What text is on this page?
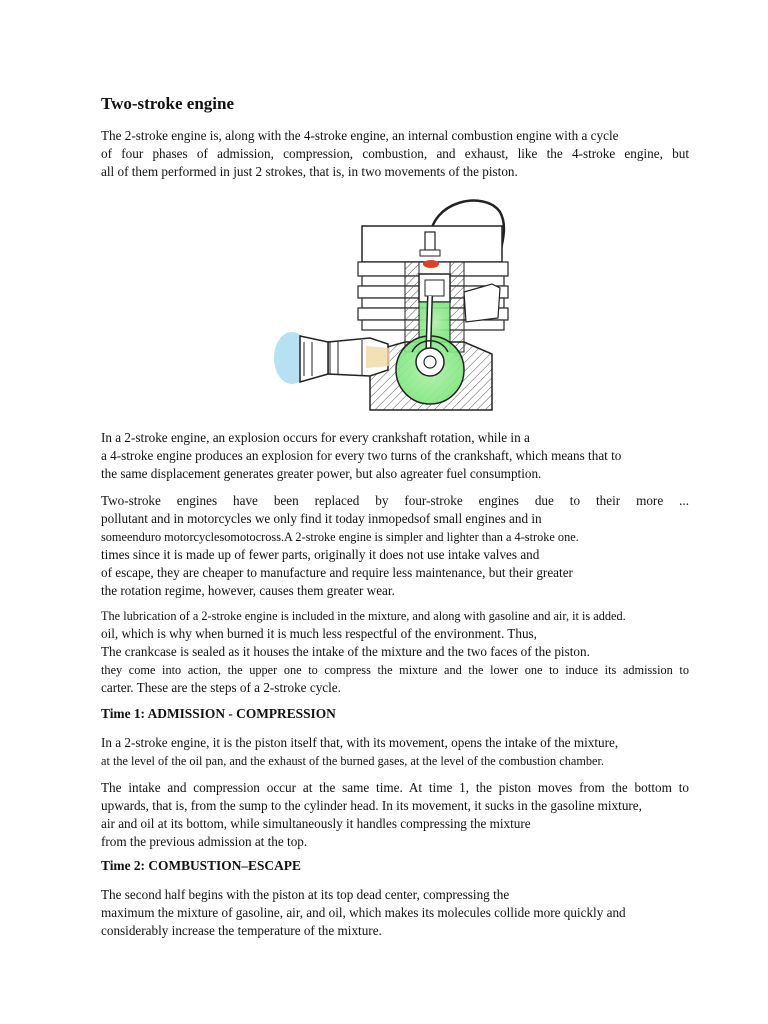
Two-stroke engine
The 2-stroke engine is, along with the 4-stroke engine, an internal combustion engine with a cycle
of four phases of admission, compression, combustion, and exhaust, like the 4-stroke engine, but
all of them performed in just 2 strokes, that is, in two movements of the piston.
In a 2-stroke engine, an explosion occurs for every crankshaft rotation, while in a
a 4-stroke engine produces an explosion for every two turns of the crankshaft, which means that to
the same displacement generates greater power, but also agreater fuel consumption.
Two-stroke engines have been replaced by four-stroke engines due to their more ...
pollutant and in motorcycles we only find it today inmopedsof small engines and in
someenduro motorcyclesomotocross.A 2-stroke engine is simpler and lighter than a 4-stroke one.
times since it is made up of fewer parts, originally it does not use intake valves and
of escape, they are cheaper to manufacture and require less maintenance, but their greater
the rotation regime, however, causes them greater wear.
The lubrication of a 2-stroke engine is included in the mixture, and along with gasoline and air, it is added.
oil, which is why when burned it is much less respectful of the environment. Thus,
The crankcase is sealed as it houses the intake of the mixture and the two faces of the piston.
they come into action, the upper one to compress the mixture and the lower one to induce its admission to
carter. These are the steps of a 2-stroke cycle.
Time 1: ADMISSION - COMPRESSION
In a 2-stroke engine, it is the piston itself that, with its movement, opens the intake of the mixture,
at the level of the oil pan, and the exhaust of the burned gases, at the level of the combustion chamber.
The intake and compression occur at the same time. At time 1, the piston moves from the bottom to
upwards, that is, from the sump to the cylinder head. In its movement, it sucks in the gasoline mixture,
air and oil at its bottom, while simultaneously it handles compressing the mixture
from the previous admission at the top.
Time 2: COMBUSTION–ESCAPE
The second half begins with the piston at its top dead center, compressing the
maximum the mixture of gasoline, air, and oil, which makes its molecules collide more quickly and
considerably increase the temperature of the mixture.
